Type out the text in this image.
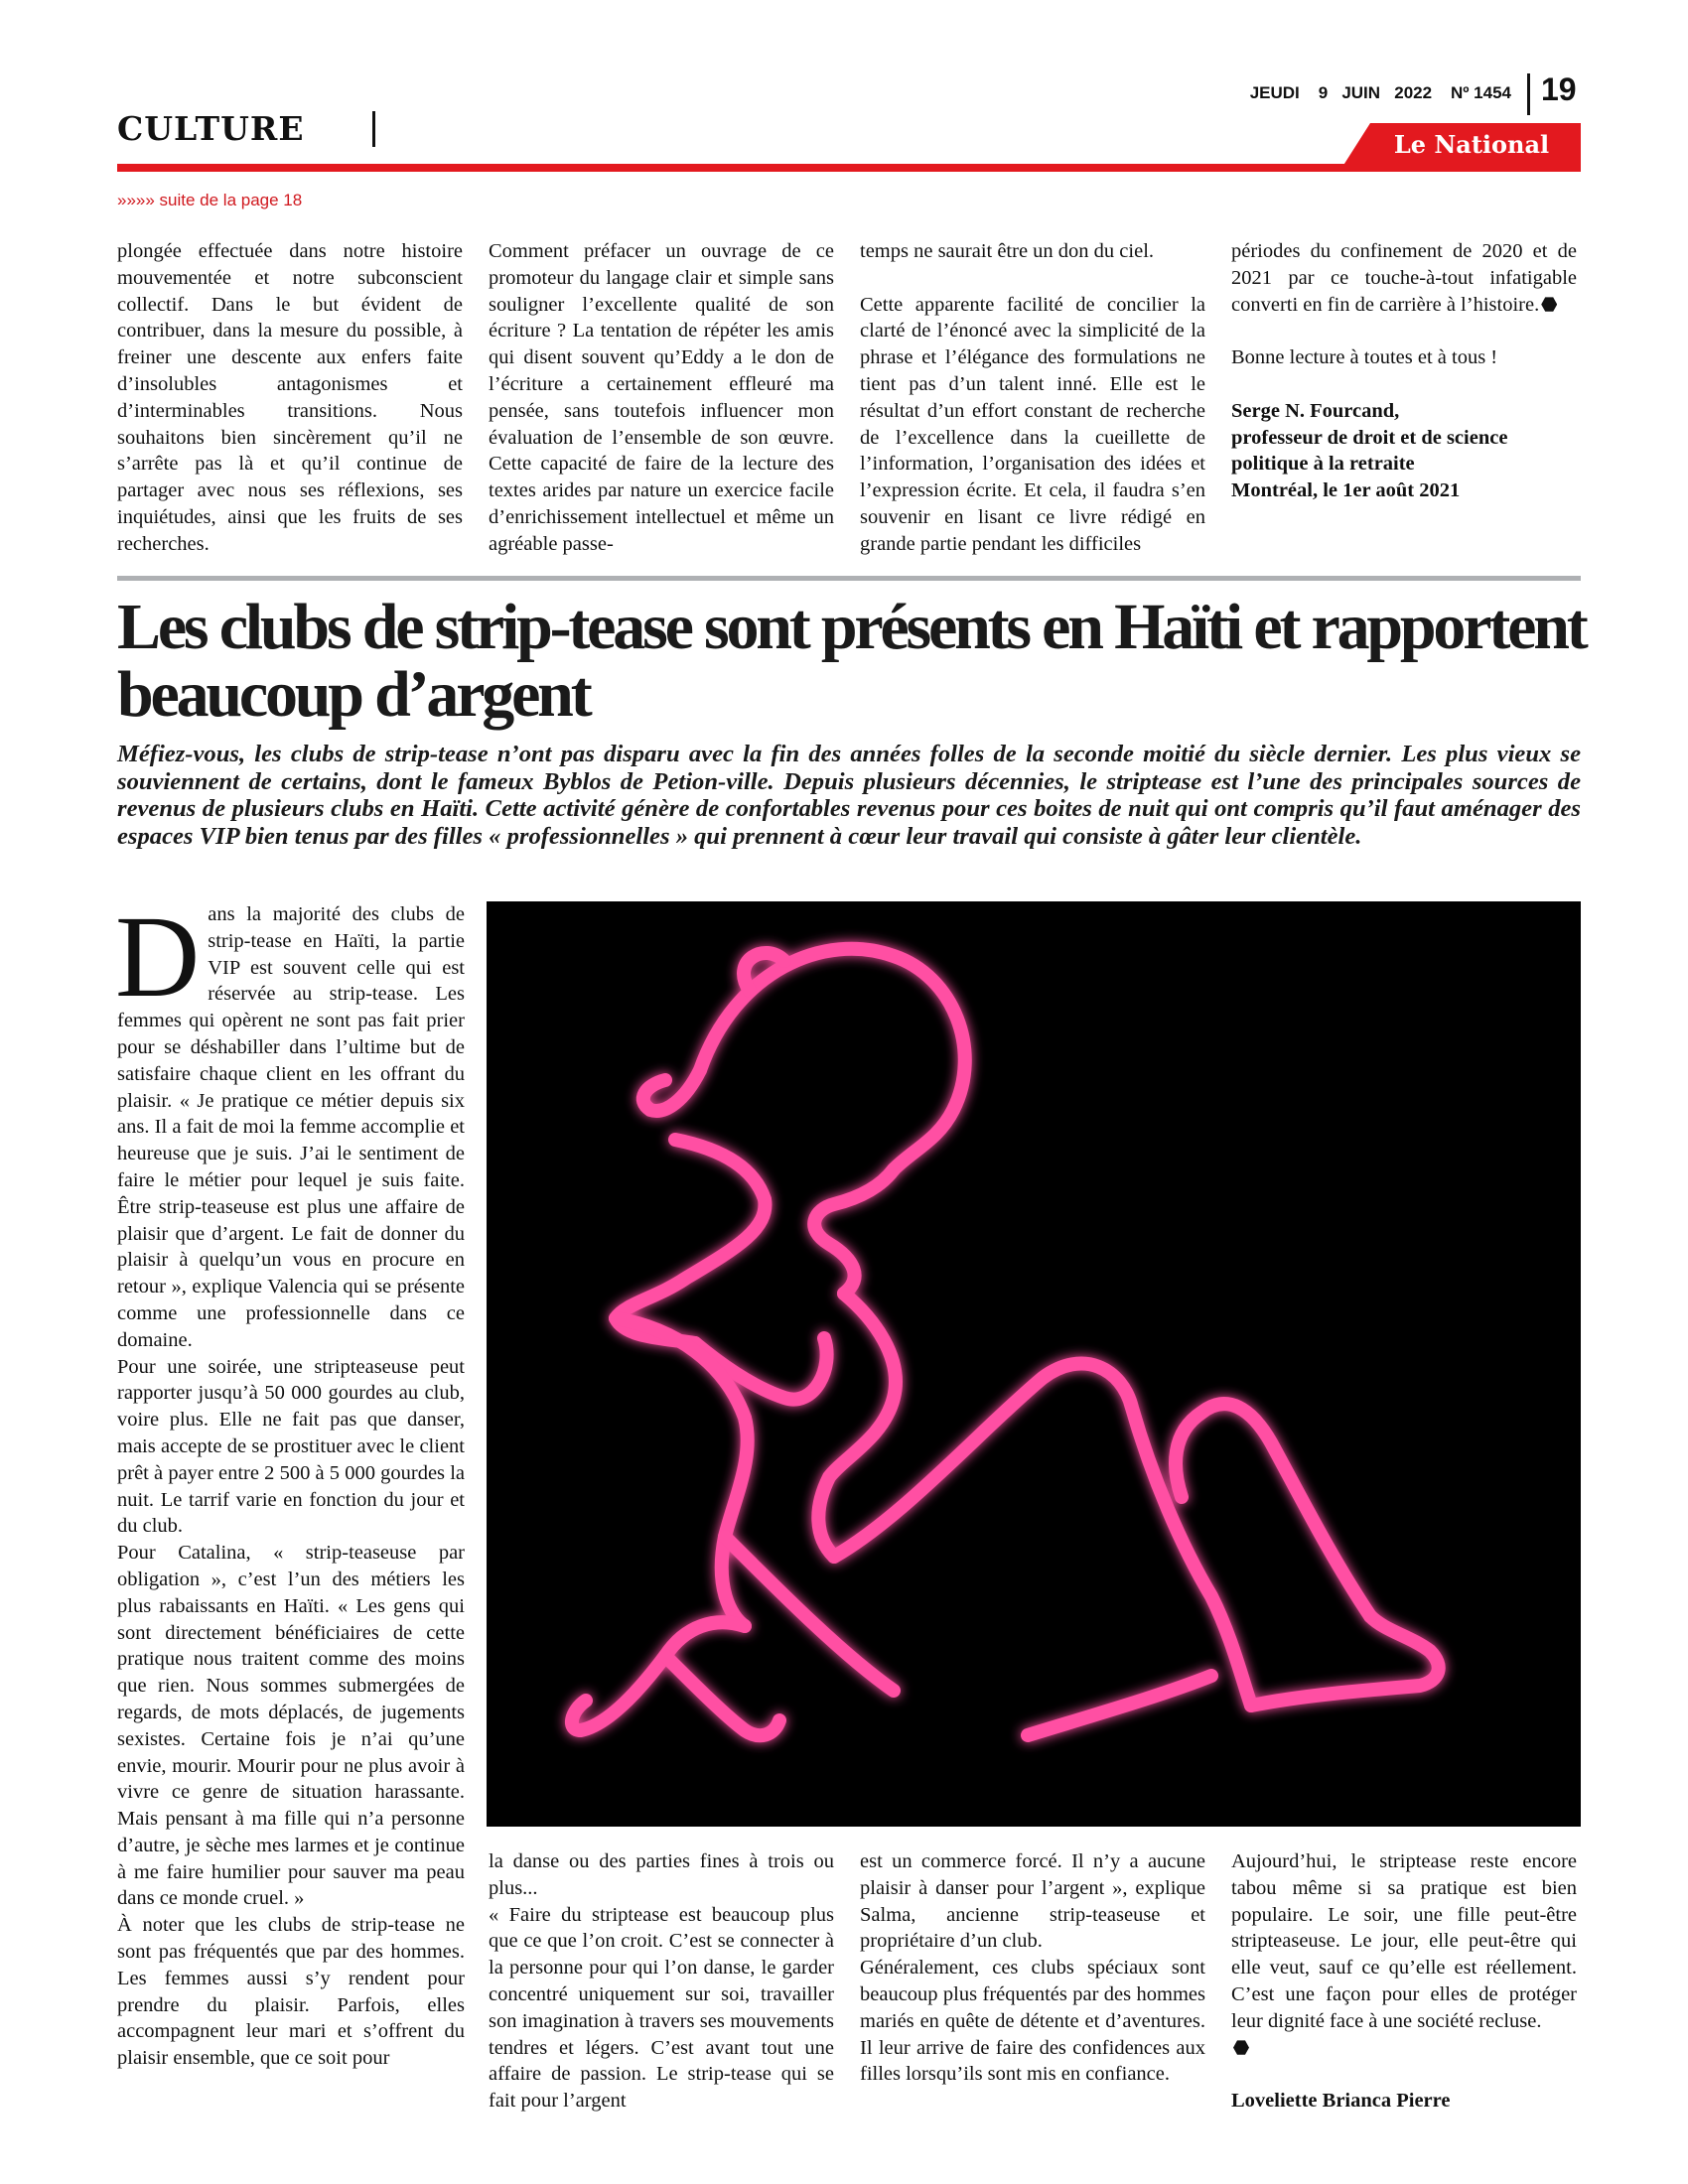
CULTURE
JEUDI 9 JUIN 2022 Nº 1454 19
Le National
»»»» suite de la page 18

plongée effectuée dans notre histoire mouvementée et notre subconscient collectif. Dans le but évident de contribuer, dans la mesure du possible, à freiner une descente aux enfers faite d’insolubles antagonismes et d’interminables transitions. Nous souhaitons bien sincèrement qu’il ne s’arrête pas là et qu’il continue de partager avec nous ses réflexions, ses inquiétudes, ainsi que les fruits de ses recherches.

Comment préfacer un ouvrage de ce promoteur du langage clair et simple sans souligner l’excellente qualité de son écriture ? La tentation de répéter les amis qui disent souvent qu’Eddy a le don de l’écriture a certainement effleuré ma pensée, sans toutefois influencer mon évaluation de l’ensemble de son œuvre. Cette capacité de faire de la lecture des textes arides par nature un exercice facile d’enrichissement intellectuel et même un agréable passe-

temps ne saurait être un don du ciel.

Cette apparente facilité de concilier la clarté de l’énoncé avec la simplicité de la phrase et l’élégance des formulations ne tient pas d’un talent inné. Elle est le résultat d’un effort constant de recherche de l’excellence dans la cueillette de l’information, l’organisation des idées et l’expression écrite. Et cela, il faudra s’en souvenir en lisant ce livre rédigé en grande partie pendant les difficiles

périodes du confinement de 2020 et de 2021 par ce touche-à-tout infatigable converti en fin de carrière à l’histoire.

Bonne lecture à toutes et à tous !

Serge N. Fourcand,

professeur de droit et de science politique à la retraite

Montréal, le 1er août 2021

Les clubs de strip-tease sont présents en Haïti et rapportent beaucoup d’argent
Méfiez-vous, les clubs de strip-tease n’ont pas disparu avec la fin des années folles de la seconde moitié du siècle dernier. Les plus vieux se souviennent de certains, dont le fameux Byblos de Petion-ville. Depuis plusieurs décennies, le striptease est l’une des principales sources de revenus de plusieurs clubs en Haïti. Cette activité génère de confortables revenus pour ces boites de nuit qui ont compris qu’il faut aménager des espaces VIP bien tenus par des filles « professionnelles » qui prennent à cœur leur travail qui consiste à gâter leur clientèle.

Dans la majorité des clubs de strip-tease en Haïti, la partie VIP est souvent celle qui est réservée au strip-tease. Les femmes qui opèrent ne sont pas fait prier pour se déshabiller dans l’ultime but de satisfaire chaque client en les offrant du plaisir. « Je pratique ce métier depuis six ans. Il a fait de moi la femme accomplie et heureuse que je suis. J’ai le sentiment de faire le métier pour lequel je suis faite. Être strip-teaseuse est plus une affaire de plaisir que d’argent. Le fait de donner du plaisir à quelqu’un vous en procure en retour », explique Valencia qui se présente comme une professionnelle dans ce domaine.

Pour une soirée, une stripteaseuse peut rapporter jusqu’à 50 000 gourdes au club, voire plus. Elle ne fait pas que danser, mais accepte de se prostituer avec le client prêt à payer entre 2 500 à 5 000 gourdes la nuit. Le tarrif varie en fonction du jour et du club.

Pour Catalina, « strip-teaseuse par obligation », c’est l’un des métiers les plus rabaissants en Haïti. « Les gens qui sont directement bénéficiaires de cette pratique nous traitent comme des moins que rien. Nous sommes submergées de regards, de mots déplacés, de jugements sexistes. Certaine fois je n’ai qu’une envie, mourir. Mourir pour ne plus avoir à vivre ce genre de situation harassante. Mais pensant à ma fille qui n’a personne d’autre, je sèche mes larmes et je continue à me faire humilier pour sauver ma peau dans ce monde cruel. »

À noter que les clubs de strip-tease ne sont pas fréquentés que par des hommes. Les femmes aussi s’y rendent pour prendre du plaisir. Parfois, elles accompagnent leur mari et s’offrent du plaisir ensemble, que ce soit pour

la danse ou des parties fines à trois ou plus...

« Faire du striptease est beaucoup plus que ce que l’on croit. C’est se connecter à la personne pour qui l’on danse, le garder concentré uniquement sur soi, travailler son imagination à travers ses mouvements tendres et légers. C’est avant tout une affaire de passion. Le strip-tease qui se fait pour l’argent

est un commerce forcé. Il n’y a aucune plaisir à danser pour l’argent », explique Salma, ancienne strip-teaseuse et propriétaire d’un club.

Généralement, ces clubs spéciaux sont beaucoup plus fréquentés par des hommes mariés en quête de détente et d’aventures. Il leur arrive de faire des confidences aux filles lorsqu’ils sont mis en confiance.

Aujourd’hui, le striptease reste encore tabou même si sa pratique est bien populaire. Le soir, une fille peut-être stripteaseuse. Le jour, elle peut-être qui elle veut, sauf ce qu’elle est réellement. C’est une façon pour elles de protéger leur dignité face à une société recluse.

Loveliette Brianca Pierre
